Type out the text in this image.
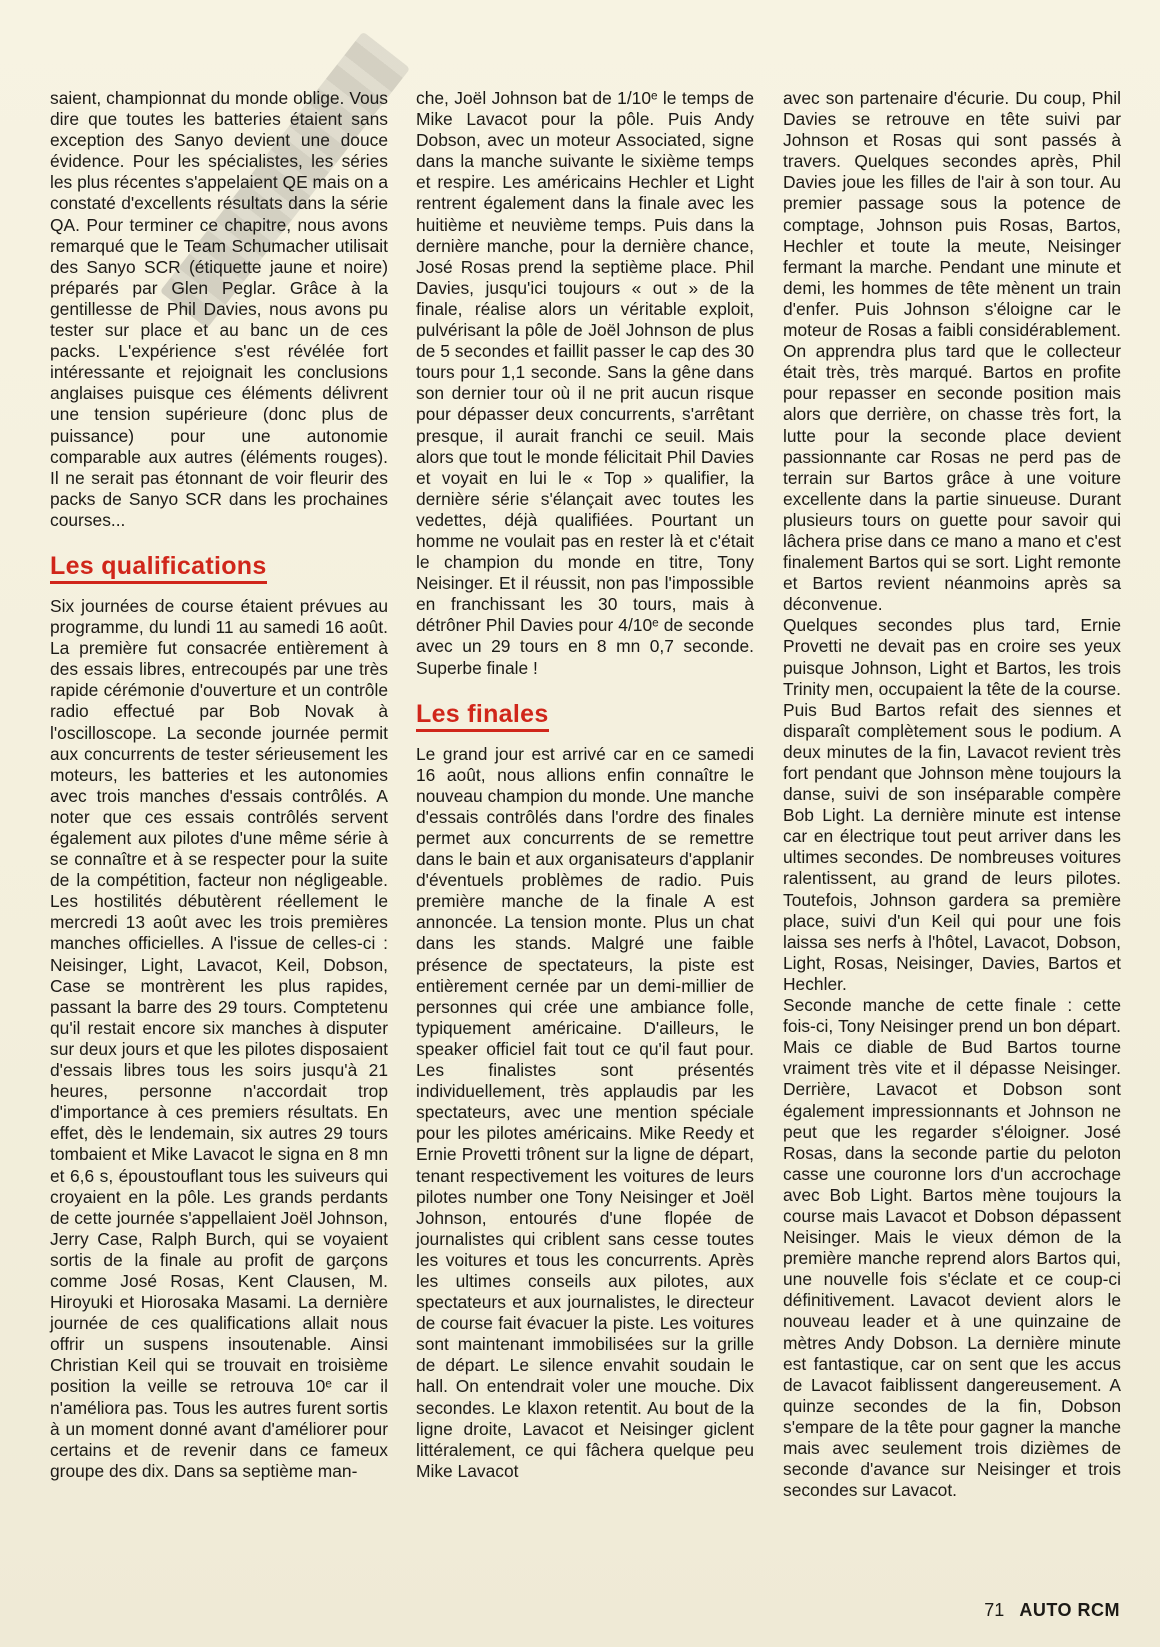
saient, championnat du monde oblige. Vous dire que toutes les batteries étaient sans exception des Sanyo devient une douce évidence. Pour les spécialistes, les séries les plus récentes s'appelaient QE mais on a constaté d'excellents résultats dans la série QA. Pour terminer ce chapitre, nous avons remarqué que le Team Schumacher utilisait des Sanyo SCR (étiquette jaune et noire) préparés par Glen Peglar. Grâce à la gentillesse de Phil Davies, nous avons pu tester sur place et au banc un de ces packs. L'expérience s'est révélée fort intéressante et rejoignait les conclusions anglaises puisque ces éléments délivrent une tension supérieure (donc plus de puissance) pour une autonomie comparable aux autres (éléments rouges). Il ne serait pas étonnant de voir fleurir des packs de Sanyo SCR dans les prochaines courses...

Les qualifications

Six journées de course étaient prévues au programme, du lundi 11 au samedi 16 août. La première fut consacrée entièrement à des essais libres, entrecoupés par une très rapide cérémonie d'ouverture et un contrôle radio effectué par Bob Novak à l'oscilloscope. La seconde journée permit aux concurrents de tester sérieusement les moteurs, les batteries et les autonomies avec trois manches d'essais contrôlés. A noter que ces essais contrôlés servent également aux pilotes d'une même série à se connaître et à se respecter pour la suite de la compétition, facteur non négligeable. Les hostilités débutèrent réellement le mercredi 13 août avec les trois premières manches officielles. A l'issue de celles-ci : Neisinger, Light, Lavacot, Keil, Dobson, Case se montrèrent les plus rapides, passant la barre des 29 tours. Comptetenu qu'il restait encore six manches à disputer sur deux jours et que les pilotes disposaient d'essais libres tous les soirs jusqu'à 21 heures, personne n'accordait trop d'importance à ces premiers résultats. En effet, dès le lendemain, six autres 29 tours tombaient et Mike Lavacot le signa en 8 mn et 6,6 s, époustouflant tous les suiveurs qui croyaient en la pôle. Les grands perdants de cette journée s'appellaient Joël Johnson, Jerry Case, Ralph Burch, qui se voyaient sortis de la finale au profit de garçons comme José Rosas, Kent Clausen, M. Hiroyuki et Hiorosaka Masami. La dernière journée de ces qualifications allait nous offrir un suspens insoutenable. Ainsi Christian Keil qui se trouvait en troisième position la veille se retrouva 10ᵉ car il n'améliora pas. Tous les autres furent sortis à un moment donné avant d'améliorer pour certains et de revenir dans ce fameux groupe des dix. Dans sa septième man-

che, Joël Johnson bat de 1/10ᵉ le temps de Mike Lavacot pour la pôle. Puis Andy Dobson, avec un moteur Associated, signe dans la manche suivante le sixième temps et respire. Les américains Hechler et Light rentrent également dans la finale avec les huitième et neuvième temps. Puis dans la dernière manche, pour la dernière chance, José Rosas prend la septième place. Phil Davies, jusqu'ici toujours « out » de la finale, réalise alors un véritable exploit, pulvérisant la pôle de Joël Johnson de plus de 5 secondes et faillit passer le cap des 30 tours pour 1,1 seconde. Sans la gêne dans son dernier tour où il ne prit aucun risque pour dépasser deux concurrents, s'arrêtant presque, il aurait franchi ce seuil. Mais alors que tout le monde félicitait Phil Davies et voyait en lui le « Top » qualifier, la dernière série s'élançait avec toutes les vedettes, déjà qualifiées. Pourtant un homme ne voulait pas en rester là et c'était le champion du monde en titre, Tony Neisinger. Et il réussit, non pas l'impossible en franchissant les 30 tours, mais à détrôner Phil Davies pour 4/10ᵉ de seconde avec un 29 tours en 8 mn 0,7 seconde. Superbe finale !

Les finales

Le grand jour est arrivé car en ce samedi 16 août, nous allions enfin connaître le nouveau champion du monde. Une manche d'essais contrôlés dans l'ordre des finales permet aux concurrents de se remettre dans le bain et aux organisateurs d'applanir d'éventuels problèmes de radio. Puis première manche de la finale A est annoncée. La tension monte. Plus un chat dans les stands. Malgré une faible présence de spectateurs, la piste est entièrement cernée par un demi-millier de personnes qui crée une ambiance folle, typiquement américaine. D'ailleurs, le speaker officiel fait tout ce qu'il faut pour. Les finalistes sont présentés individuellement, très applaudis par les spectateurs, avec une mention spéciale pour les pilotes américains. Mike Reedy et Ernie Provetti trônent sur la ligne de départ, tenant respectivement les voitures de leurs pilotes number one Tony Neisinger et Joël Johnson, entourés d'une flopée de journalistes qui criblent sans cesse toutes les voitures et tous les concurrents. Après les ultimes conseils aux pilotes, aux spectateurs et aux journalistes, le directeur de course fait évacuer la piste. Les voitures sont maintenant immobilisées sur la grille de départ. Le silence envahit soudain le hall. On entendrait voler une mouche. Dix secondes. Le klaxon retentit. Au bout de la ligne droite, Lavacot et Neisinger giclent littéralement, ce qui fâchera quelque peu Mike Lavacot

avec son partenaire d'écurie. Du coup, Phil Davies se retrouve en tête suivi par Johnson et Rosas qui sont passés à travers. Quelques secondes après, Phil Davies joue les filles de l'air à son tour. Au premier passage sous la potence de comptage, Johnson puis Rosas, Bartos, Hechler et toute la meute, Neisinger fermant la marche. Pendant une minute et demi, les hommes de tête mènent un train d'enfer. Puis Johnson s'éloigne car le moteur de Rosas a faibli considérablement. On apprendra plus tard que le collecteur était très, très marqué. Bartos en profite pour repasser en seconde position mais alors que derrière, on chasse très fort, la lutte pour la seconde place devient passionnante car Rosas ne perd pas de terrain sur Bartos grâce à une voiture excellente dans la partie sinueuse. Durant plusieurs tours on guette pour savoir qui lâchera prise dans ce mano a mano et c'est finalement Bartos qui se sort. Light remonte et Bartos revient néanmoins après sa déconvenue.

Quelques secondes plus tard, Ernie Provetti ne devait pas en croire ses yeux puisque Johnson, Light et Bartos, les trois Trinity men, occupaient la tête de la course. Puis Bud Bartos refait des siennes et disparaît complètement sous le podium. A deux minutes de la fin, Lavacot revient très fort pendant que Johnson mène toujours la danse, suivi de son inséparable compère Bob Light. La dernière minute est intense car en électrique tout peut arriver dans les ultimes secondes. De nombreuses voitures ralentissent, au grand de leurs pilotes. Toutefois, Johnson gardera sa première place, suivi d'un Keil qui pour une fois laissa ses nerfs à l'hôtel, Lavacot, Dobson, Light, Rosas, Neisinger, Davies, Bartos et Hechler.

Seconde manche de cette finale : cette fois-ci, Tony Neisinger prend un bon départ. Mais ce diable de Bud Bartos tourne vraiment très vite et il dépasse Neisinger. Derrière, Lavacot et Dobson sont également impressionnants et Johnson ne peut que les regarder s'éloigner. José Rosas, dans la seconde partie du peloton casse une couronne lors d'un accrochage avec Bob Light. Bartos mène toujours la course mais Lavacot et Dobson dépassent Neisinger. Mais le vieux démon de la première manche reprend alors Bartos qui, une nouvelle fois s'éclate et ce coup-ci définitivement. Lavacot devient alors le nouveau leader et à une quinzaine de mètres Andy Dobson. La dernière minute est fantastique, car on sent que les accus de Lavacot faiblissent dangereusement. A quinze secondes de la fin, Dobson s'empare de la tête pour gagner la manche mais avec seulement trois dizièmes de seconde d'avance sur Neisinger et trois secondes sur Lavacot.

71 AUTO RCM
